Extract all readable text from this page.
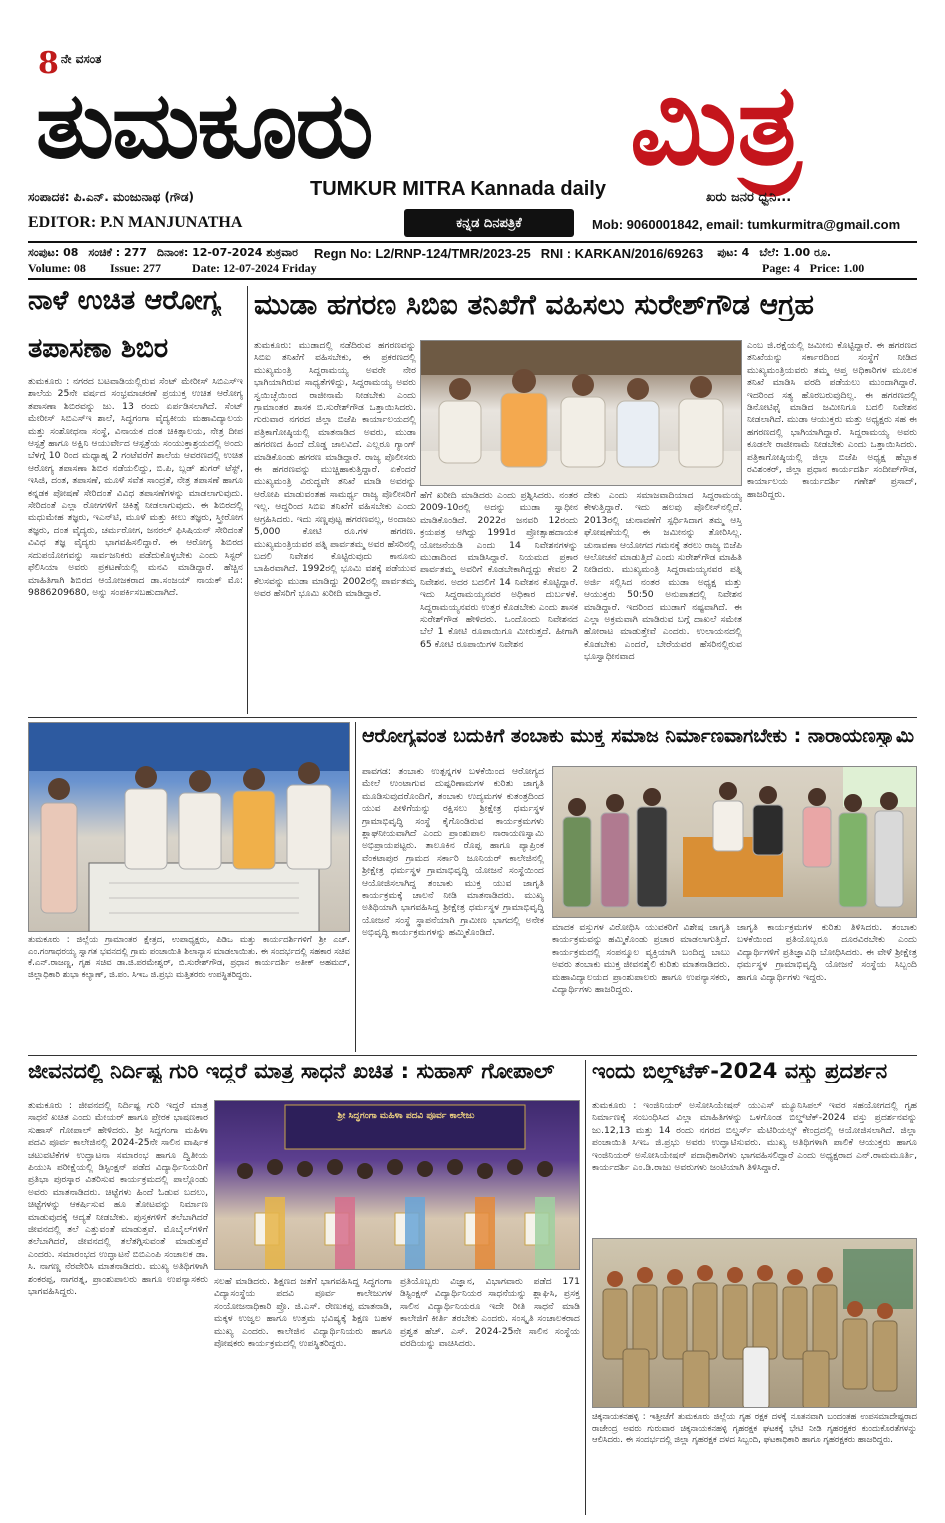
8 $^{ನೇ ವಸಂತ}$
ತುಮಕೂರು ಮಿತ್ರ
ಸಂಪಾದಕ: ಪಿ.ಎನ್. ಮಂಜುನಾಥ (ಗೌಡ)	TUMKUR MITRA Kannada daily	ಖರು ಜನರ ಧ್ವನಿ...
EDITOR: P.N MANJUNATHA	ಕನ್ನಡ ದಿನಪತ್ರಿಕೆ	Mob: 9060001842, email: tumkurmitra@gmail.com
ಸಂಪುಟ: 08 ಸಂಚಿಕೆ : 277 ದಿನಾಂಕ: 12-07-2024 ಶುಕ್ರವಾರ Regn No: L2/RNP-124/TMR/2023-25 RNI : KARKAN/2016/69263 ಪುಟ: 4 ಬೆಲೆ: 1.00 ರೂ.
Volume: 08	Issue: 277	Date: 12-07-2024 Friday	Page: 4 Price: 1.00
ನಾಳೆ ಉಚಿತ ಆರೋಗ್ಯ
ತಪಾಸಣಾ ಶಿಬಿರ
ತುಮಕೂರು : ನಗರದ ಬಟವಾಡಿಯಲ್ಲಿರುವ ಸೆಂಟ್ ಮೇರೀಸ್ ಸಿಬಿಎಸ್‌ಇ ಶಾಲೆಯ 25ನೇ ವರ್ಷದ ಸಂಭ್ರಮಾಚರಣೆ ಪ್ರಯುಕ್ತ ಉಚಿತ ಆರೋಗ್ಯ ತಪಾಸಣಾ ಶಿಬಿರವನ್ನು ಜು. 13 ರಂದು ಏರ್ಪಡಿಸಲಾಗಿದೆ. ಸೆಂಟ್ ಮೇರೀಸ್ ಸಿಬಿಎಸ್‌ಇ ಶಾಲೆ, ಸಿದ್ಧಗಂಗಾ ವೈದ್ಯಕೀಯ ಮಹಾವಿದ್ಯಾಲಯ ಮತ್ತು ಸಂಶೋಧನಾ ಸಂಸ್ಥೆ, ವಿನಾಯಕ ದಂತ ಚಿಕಿತ್ಸಾಲಯ, ನೇತ್ರ ದೀಪ ಆಸ್ಪತ್ರೆ ಹಾಗೂ ಅಕ್ಷಿನಿ ಆಯುರ್ವೇದ ಆಸ್ಪತ್ರೆಯ ಸಂಯುಕ್ತಾಶ್ರಯದಲ್ಲಿ ಅಂದು ಬೆಳಗ್ಗೆ 10 ರಿಂದ ಮಧ್ಯಾಹ್ನ 2 ಗಂಟೆವರೆಗೆ ಶಾಲೆಯ ಆವರಣದಲ್ಲಿ ಉಚಿತ ಆರೋಗ್ಯ ತಪಾಸಣಾ ಶಿಬಿರ ನಡೆಯಲಿದ್ದು, ಬಿ.ಪಿ, ಬ್ಲಡ್ ಶುಗರ್ ಟೆಸ್ಟ್, ಇಸಿಜಿ, ದಂತ, ತಪಾಸಣೆ, ಮೂಳೆ ಸವೆತ ಸಾಂದ್ರತೆ, ನೇತ್ರ ತಪಾಸಣೆ ಹಾಗೂ ಕನ್ನಡಕ ಪೋಷಣೆ ಸೇರಿದಂತೆ ವಿವಿಧ ತಪಾಸಣೆಗಳನ್ನು ಮಾಡಲಾಗುವುದು. ಸೇರಿದಂತೆ ಎಲ್ಲಾ ರೋಗಗಳಿಗೆ ಚಿಕಿತ್ಸೆ ನೀಡಲಾಗುವುದು. ಈ ಶಿಬಿರದಲ್ಲಿ ಮಧುಮೇಹ ತಜ್ಞರು, ಇಎನ್‌ಟಿ, ಮೂಳೆ ಮತ್ತು ಕೀಲು ತಜ್ಞರು, ಸ್ತ್ರೀರೋಗ ತಜ್ಞರು, ದಂತ ವೈದ್ಯರು, ಚರ್ಮರೋಗ, ಜನರಲ್ ಫಿಸಿಷಿಯನ್ ಸೇರಿದಂತೆ ವಿವಿಧ ತಜ್ಞ ವೈದ್ಯರು ಭಾಗವಹಿಸಲಿದ್ದಾರೆ. ಈ ಆರೋಗ್ಯ ಶಿಬಿರದ ಸದುಪಯೋಗವನ್ನು ಸಾರ್ವಜನಿಕರು ಪಡೆದುಕೊಳ್ಳಬೇಕು ಎಂದು ಸಿಸ್ಟರ್ ಫೆಲಿಸಿಯಾ ಅವರು ಪ್ರಕಟಣೆಯಲ್ಲಿ ಮನವಿ ಮಾಡಿದ್ದಾರೆ. ಹೆಚ್ಚಿನ ಮಾಹಿತಿಗಾಗಿ ಶಿಬಿರದ ಆಯೋಜಕರಾದ ಡಾ.ಸಂಜಯ್ ನಾಯಕ್ ಮೊ: 9886209680, ಅನ್ನು ಸಂಪರ್ಕಿಸಬಹುದಾಗಿದೆ.
ಮುಡಾ ಹಗರಣ ಸಿಬಿಐ ತನಿಖೆಗೆ ವಹಿಸಲು ಸುರೇಶ್‌ಗೌಡ ಆಗ್ರಹ
ತುಮಕೂರು: ಮುಡಾದಲ್ಲಿ ನಡೆದಿರುವ ಹಗರಣವನ್ನು ಸಿಬಿಐ ತನಿಖೆಗೆ ವಹಿಸಬೇಕು, ಈ ಪ್ರಕರಣದಲ್ಲಿ ಮುಖ್ಯಮಂತ್ರಿ ಸಿದ್ದರಾಮಯ್ಯ ಅವರೇ ನೇರ ಭಾಗಿಯಾಗಿರುವ ಸಾಧ್ಯತೆಗಳಿದ್ದು, ಸಿದ್ದರಾಮಯ್ಯ ಅವರು ಸ್ವಯಿಚ್ಛೆಯಿಂದ ರಾಜೀನಾಮೆ ನೀಡಬೇಕು ಎಂದು ಗ್ರಾಮಾಂತರ ಶಾಸಕ ಬಿ.ಸುರೇಶ್‌ಗೌಡ ಒತ್ತಾಯಿಸಿದರು. ಗುರುವಾರ ನಗರದ ಜಿಲ್ಲಾ ಬಿಜೆಪಿ ಕಾರ್ಯಾಲಯದಲ್ಲಿ ಪತ್ರಿಕಾಗೋಷ್ಠಿಯಲ್ಲಿ ಮಾತನಾಡಿದ ಅವರು, ಮುಡಾ ಹಗರಣದ ಹಿಂದೆ ದೊಡ್ಡ ಜಾಲವಿದೆ. ಎಲ್ಲರೂ ಗ್ಯಾಂಗ್ ಮಾಡಿಕೊಂಡು ಹಗರಣ ಮಾಡಿದ್ದಾರೆ. ರಾಜ್ಯ ಪೊಲೀಸರು ಈ ಹಗರಣವನ್ನು ಮುಚ್ಚಿಹಾಕುತ್ತಿದ್ದಾರೆ. ಏಕೆಂದರೆ ಮುಖ್ಯಮಂತ್ರಿ ವಿರುದ್ಧವೇ ತನಿಖೆ ಮಾಡಿ ಅವರನ್ನು ಆರೋಪಿ ಮಾಡುವಂತಹ ಸಾಮರ್ಥ್ಯ ರಾಜ್ಯ ಪೊಲೀಸರಿಗೆ ಇಲ್ಲ. ಆದ್ದರಿಂದ ಸಿಬಿಐ ತನಿಖೆಗೆ ವಹಿಸಬೇಕು ಎಂದು ಆಗ್ರಹಿಸಿದರು. ಇದು ಸಣ್ಣಪುಟ್ಟ ಹಗರಣವಲ್ಲ, ಅಂದಾಜು 5,000 ಕೋಟಿ ರೂ.ಗಳ ಹಗರಣ. ಮುಖ್ಯಮಂತ್ರಿಯವರ ಪತ್ನಿ ಪಾರ್ವತಮ್ಮ ಅವರ ಹೆಸರಿನಲ್ಲಿ ಬದಲಿ ನಿವೇಶನ ಕೊಟ್ಟಿರುವುದು ಕಾನೂನು ಬಾಹಿರವಾಗಿದೆ. 1992ರಲ್ಲಿ ಭೂಮಿ ವಶಕ್ಕೆ ಪಡೆಯುವ ಕೆಲಸವನ್ನು ಮುಡಾ ಮಾಡಿದ್ದು 2002ರಲ್ಲಿ ಪಾರ್ವತಮ್ಮ ಅವರ ಹೆಸರಿಗೆ ಭೂಮಿ ಖರೀದಿ ಮಾಡಿದ್ದಾರೆ.
ಹೆಗೆ ಖರೀದಿ ಮಾಡಿದರು ಎಂದು ಪ್ರಶ್ನಿಸಿದರು. ನಂತರ 2009-10ರಲ್ಲಿ ಅದನ್ನು ಮುಡಾ ಸ್ವಾಧೀನ ಮಾಡಿಕೊಂಡಿದೆ. 2022ರ ಜನವರಿ 12ರಂದು ಕ್ರಯಪತ್ರ ಆಗಿದ್ದು 1991ರ ಪ್ರೋತ್ಸಾಹದಾಯಕ ಯೋಜನೆಯಡಿ ಎಂದು 14 ನಿವೇಶನಗಳನ್ನು ಮುಡಾದಿಂದ ಮಾಡಿಸಿದ್ದಾರೆ. ನಿಯಮದ ಪ್ರಕಾರ ಪಾರ್ವತಮ್ಮ ಅವರಿಗೆ ಕೊಡಬೇಕಾಗಿದ್ದದ್ದು ಕೇವಲ 2 ನಿವೇಶನ. ಅದರ ಬದಲಿಗೆ 14 ನಿವೇಶನ ಕೊಟ್ಟಿದ್ದಾರೆ. ಇದು ಸಿದ್ದರಾಮಯ್ಯನವರ ಅಧಿಕಾರ ದುರ್ಬಳಕೆ. ಸಿದ್ದರಾಮಯ್ಯನವರು ಉತ್ತರ ಕೊಡಬೇಕು ಎಂದು ಶಾಸಕ ಸುರೇಶ್‌ಗೌಡ ಹೇಳಿದರು. ಒಂದೊಂದು ನಿವೇಶನದ ಬೆಲೆ 1 ಕೋಟಿ ರೂಪಾಯಿಗೂ ಮೀರುತ್ತದೆ. ಹೀಗಾಗಿ 65 ಕೋಟಿ ರೂಪಾಯಿಗಳ ನಿವೇಶನ
ದೇಕು ಎಂದು ಸಮಾಜವಾದಿಯಾದ ಸಿದ್ದರಾಮಯ್ಯ ಕೇಳುತ್ತಿದ್ದಾರೆ. ಇದು ಹಲವು ಪೊಲೀಸ್‌ನಲ್ಲಿದೆ. 2013ರಲ್ಲಿ ಚುನಾವಣೆಗೆ ಸ್ಪರ್ಧಿಸಿದಾಗ ತಮ್ಮ ಆಸ್ತಿ ಘೋಷಣೆಯಲ್ಲಿ ಈ ಜಮೀನನ್ನು ತೋರಿಸಿಲ್ಲ. ಚುನಾವಣಾ ಆಯೋಗದ ಗಮನಕ್ಕೆ ತರಲು ರಾಜ್ಯ ಬಿಜೆಪಿ ಆಲೋಚನೆ ಮಾಡುತ್ತಿದೆ ಎಂದು ಸುರೇಶ್‌ಗೌಡ ಮಾಹಿತಿ ನೀಡಿದರು. ಮುಖ್ಯಮಂತ್ರಿ ಸಿದ್ದರಾಮಯ್ಯನವರ ಪತ್ನಿ ಅರ್ಜಿ ಸಲ್ಲಿಸಿದ ನಂತರ ಮುಡಾ ಅಧ್ಯಕ್ಷ ಮತ್ತು ಆಯುಕ್ತರು 50:50 ಅನುಪಾತದಲ್ಲಿ ನಿವೇಶನ ಮಾಡಿದ್ದಾರೆ. ಇದರಿಂದ ಮುಡಾಗೆ ನಷ್ಟವಾಗಿದೆ. ಈ ಎಲ್ಲಾ ಅಕ್ರಮವಾಗಿ ಮಾಡಿರುವ ಬಗ್ಗೆ ದಾಖಲೆ ಸಮೇತ ಹೋರಾಟ ಮಾಡುತ್ತೇವೆ ಎಂದರು. ಉಲಾಯನದಲ್ಲಿ ಕೊಡಬೇಕು ಎಂದರೆ, ಬೇರೆಯವರ ಹೆಸರಿನಲ್ಲಿರುವ ಭೂಸ್ವಾಧೀನವಾದ
ಎಂಬ ಜಿ.ರಕ್ಷೆಯಲ್ಲಿ ಜಮೀನು ಕೊಟ್ಟಿದ್ದಾರೆ. ಈ ಹಗರಣದ ತನಿಖೆಯನ್ನು ಸರ್ಕಾರದಿಂದ ಸಂಸ್ಥೆಗೆ ನೀಡಿದ ಮುಖ್ಯಮಂತ್ರಿಯವರು ತಮ್ಮ ಆಪ್ತ ಅಧಿಕಾರಿಗಳ ಮೂಲಕ ತನಿಖೆ ಮಾಡಿಸಿ ವರದಿ ಪಡೆಯಲು ಮುಂದಾಗಿದ್ದಾರೆ. ಇದರಿಂದ ಸತ್ಯ ಹೊರಬರುವುದಿಲ್ಲ. ಈ ಹಗರಣದಲ್ಲಿ ಡಿನೋಟಿಫೈ ಮಾಡಿದ ಜಮೀನಿಗೂ ಬದಲಿ ನಿವೇಶನ ನೀಡಲಾಗಿದೆ. ಮುಡಾ ಆಯುಕ್ತರು ಮತ್ತು ಅಧ್ಯಕ್ಷರು ಸಹ ಈ ಹಗರಣದಲ್ಲಿ ಭಾಗಿಯಾಗಿದ್ದಾರೆ. ಸಿದ್ದರಾಮಯ್ಯ ಅವರು ಕೂಡಲೇ ರಾಜೀನಾಮೆ ನೀಡಬೇಕು ಎಂದು ಒತ್ತಾಯಿಸಿದರು. ಪತ್ರಿಕಾಗೋಷ್ಠಿಯಲ್ಲಿ ಜಿಲ್ಲಾ ಬಿಜೆಪಿ ಅಧ್ಯಕ್ಷ ಹೆಬ್ಬಾಕ ರವಿಶಂಕರ್, ಜಿಲ್ಲಾ ಪ್ರಧಾನ ಕಾರ್ಯದರ್ಶಿ ಸಂದೀಪ್‌ಗೌಡ, ಕಾರ್ಯಾಲಯ ಕಾರ್ಯದರ್ಶಿ ಗಣೇಶ್ ಪ್ರಸಾದ್, ಹಾಜರಿದ್ದರು.
ತುಮಕೂರು : ಜಿಲ್ಲೆಯ ಗ್ರಾಮಾಂತರ ಕ್ಷೇತ್ರದ, ಉಪಾಧ್ಯಕ್ಷರು, ಪಿಡಿಒ ಮತ್ತು ಕಾರ್ಯದರ್ಶಿಗಳಿಗೆ ಶ್ರೀ ಎಚ್. ಎಂ.ಗಂಗಾಧರಯ್ಯ ಸ್ವಾಗತ ಭವನದಲ್ಲಿ ಗ್ರಾಮ ಪಂಚಾಯಿತಿ ಶಿಲಾನ್ಯಾಸ ಮಾಡಲಾಯಿತು. ಈ ಸಂದರ್ಭದಲ್ಲಿ ಸಹಕಾರ ಸಚಿವ ಕೆ.ಎನ್.ರಾಜಣ್ಣ, ಗೃಹ ಸಚಿವ ಡಾ.ಜಿ.ಪರಮೇಶ್ವರ್, ಬಿ.ಸುರೇಶ್‌ಗೌಡ, ಪ್ರಧಾನ ಕಾರ್ಯದರ್ಶಿ ಅತೀಕ್ ಅಹಮದ್, ಜಿಲ್ಲಾಧಿಕಾರಿ ಶುಭಾ ಕಲ್ಯಾಣ್, ಜಿ.ಪಂ. ಸಿಇಒ ಜಿ.ಪ್ರಭು ಮತ್ತಿತರರು ಉಪಸ್ಥಿತರಿದ್ದರು.
ಆರೋಗ್ಯವಂತ ಬದುಕಿಗೆ ತಂಬಾಕು ಮುಕ್ತ ಸಮಾಜ ನಿರ್ಮಾಣವಾಗಬೇಕು : ನಾರಾಯಣಸ್ವಾಮಿ
ಪಾವಗಡ: ತಂಬಾಕು ಉತ್ಪನ್ನಗಳ ಬಳಕೆಯಿಂದ ಆರೋಗ್ಯದ ಮೇಲೆ ಉಂಟಾಗುವ ದುಷ್ಪರಿಣಾಮಗಳ ಕುರಿತು ಜಾಗೃತಿ ಮೂಡಿಸುವುದರೊಂದಿಗೆ, ತಂಬಾಕು ಉದ್ಯಮಗಳ ಕುತಂತ್ರದಿಂದ ಯುವ ಪೀಳಿಗೆಯನ್ನು ರಕ್ಷಿಸಲು ಶ್ರೀಕ್ಷೇತ್ರ ಧರ್ಮಸ್ಥಳ ಗ್ರಾಮಾಭಿವೃದ್ಧಿ ಸಂಸ್ಥೆ ಕೈಗೊಂಡಿರುವ ಕಾರ್ಯಕ್ರಮಗಳು ಶ್ಲಾಘನೀಯವಾಗಿದೆ ಎಂದು ಪ್ರಾಂಶುಪಾಲ ನಾರಾಯಣಸ್ವಾಮಿ ಅಭಿಪ್ರಾಯಪಟ್ಟರು. ತಾಲೂಕಿನ ರೊಪ್ಪ ಹಾಗೂ ಪ್ಯಾಪ್ರಿಂಕ ವೆಂಕಟಾಪುರ ಗ್ರಾಮದ ಸರ್ಕಾರಿ ಜೂನಿಯರ್ ಕಾಲೇಜಿನಲ್ಲಿ ಶ್ರೀಕ್ಷೇತ್ರ ಧರ್ಮಸ್ಥಳ ಗ್ರಾಮಾಭಿವೃದ್ಧಿ ಯೋಜನೆ ಸಂಸ್ಥೆಯಿಂದ ಆಯೋಜಿಸಲಾಗಿದ್ದ ತಂಬಾಕು ಮುಕ್ತ ಯುವ ಜಾಗೃತಿ ಕಾರ್ಯಕ್ರಮಕ್ಕೆ ಚಾಲನೆ ನೀಡಿ ಮಾತನಾಡಿದರು. ಮುಖ್ಯ ಅತಿಥಿಯಾಗಿ ಭಾಗವಹಿಸಿದ್ದ ಶ್ರೀಕ್ಷೇತ್ರ ಧರ್ಮಸ್ಥಳ ಗ್ರಾಮಾಭಿವೃದ್ಧಿ ಯೋಜನೆ ಸಂಸ್ಥೆ ಸ್ಥಾಪನೆಯಾಗಿ ಗ್ರಾಮೀಣ ಭಾಗದಲ್ಲಿ ಅನೇಕ ಅಭಿವೃದ್ಧಿ ಕಾರ್ಯಕ್ರಮಗಳನ್ನು ಹಮ್ಮಿಕೊಂಡಿದೆ.	ಮಾದಕ ವಸ್ತುಗಳ ವಿರೋಧಿಸಿ ಯುವಕರಿಗೆ ವಿಶೇಷ ಜಾಗೃತಿ ಕಾರ್ಯಕ್ರಮವನ್ನು ಹಮ್ಮಿಕೊಂಡು ಪ್ರಚಾರ ಮಾಡಲಾಗುತ್ತಿದೆ. ಕಾರ್ಯಕ್ರಮದಲ್ಲಿ ಸಂಪನ್ಮೂಲ ವ್ಯಕ್ತಿಯಾಗಿ ಬಂದಿದ್ದ ಬಾಬು ಅವರು ತಂಬಾಕು ಮುಕ್ತ ಜೀವನಶೈಲಿ ಕುರಿತು ಮಾತನಾಡಿದರು. ಮಹಾವಿದ್ಯಾಲಯದ ಪ್ರಾಂಶುಪಾಲರು ಹಾಗೂ ಉಪನ್ಯಾಸಕರು, ವಿದ್ಯಾರ್ಥಿಗಳು ಹಾಜರಿದ್ದರು.
ಜಾಗೃತಿ ಕಾರ್ಯಕ್ರಮಗಳ ಕುರಿತು ತಿಳಿಸಿದರು. ತಂಬಾಕು ಬಳಕೆಯಿಂದ ಪ್ರತಿಯೊಬ್ಬರೂ ದೂರವಿರಬೇಕು ಎಂದು ವಿದ್ಯಾರ್ಥಿಗಳಿಗೆ ಪ್ರತಿಜ್ಞಾವಿಧಿ ಬೋಧಿಸಿದರು. ಈ ವೇಳೆ ಶ್ರೀಕ್ಷೇತ್ರ ಧರ್ಮಸ್ಥಳ ಗ್ರಾಮಾಭಿವೃದ್ಧಿ ಯೋಜನೆ ಸಂಸ್ಥೆಯ ಸಿಬ್ಬಂದಿ ಹಾಗೂ ವಿದ್ಯಾರ್ಥಿಗಳು ಇದ್ದರು.
ಜೀವನದಲ್ಲಿ ನಿರ್ದಿಷ್ಟ ಗುರಿ ಇದ್ದರೆ ಮಾತ್ರ ಸಾಧನೆ ಖಚಿತ : ಸುಹಾಸ್ ಗೋಪಾಲ್
ತುಮಕೂರು : ಜೀವನದಲ್ಲಿ ನಿರ್ದಿಷ್ಟ ಗುರಿ ಇದ್ದರೆ ಮಾತ್ರ ಸಾಧನೆ ಖಚಿತ ಎಂದು ಮೇಯರ್ ಹಾಗೂ ಪ್ರೇರಕ ಭಾಷಣಕಾರ ಸುಹಾಸ್ ಗೋಪಾಲ್ ಹೇಳಿದರು. ಶ್ರೀ ಸಿದ್ದಗಂಗಾ ಮಹಿಳಾ ಪದವಿ ಪೂರ್ವ ಕಾಲೇಜಿನಲ್ಲಿ 2024-25ನೇ ಸಾಲಿನ ವಾರ್ಷಿಕ ಚಟುವಟಿಕೆಗಳ ಉದ್ಘಾಟನಾ ಸಮಾರಂಭ ಹಾಗೂ ದ್ವಿತೀಯ ಪಿಯುಸಿ ಪರೀಕ್ಷೆಯಲ್ಲಿ ಡಿಸ್ಟಿಂಕ್ಷನ್ ಪಡೆದ ವಿದ್ಯಾರ್ಥಿನಿಯರಿಗೆ ಪ್ರತಿಭಾ ಪುರಸ್ಕಾರ ವಿತರಿಸುವ ಕಾರ್ಯಕ್ರಮದಲ್ಲಿ ಪಾಲ್ಗೊಂಡು ಅವರು ಮಾತನಾಡಿದರು. ಚಿಟ್ಟೆಗಳು ಹಿಂದೆ ಓಡುವ ಬದಲು, ಚಿಟ್ಟೆಗಳನ್ನು ಆಕರ್ಷಿಸುವ ಹೂ ತೋಟವನ್ನು ನಿರ್ಮಾಣ ಮಾಡುವುದಕ್ಕೆ ಆದ್ಯತೆ ನೀಡಬೇಕು. ಪುಸ್ತಕಗಳಿಗೆ ತಲೆಬಾಗಿದರೆ ಜೀವನದಲ್ಲಿ ತಲೆ ಎತ್ತುವಂತೆ ಮಾಡುತ್ತವೆ. ಮೊಬೈಲ್‌ಗಳಿಗೆ ತಲೆಬಾಗಿದರೆ, ಜೀವನದಲ್ಲಿ ತಲೆತಗ್ಗಿಸುವಂತೆ ಮಾಡುತ್ತವೆ ಎಂದರು. ಸಮಾರಂಭದ ಉದ್ಘಾಟನೆ ಬಿಬಿಎಂಪಿ ಸಂಚಾಲಕ ಡಾ. ಸಿ. ನಾಗಣ್ಣ ನೆರವೇರಿಸಿ ಮಾತನಾಡಿದರು. ಮುಖ್ಯ ಅತಿಥಿಗಳಾಗಿ ಶಂಕರಪ್ಪ, ನಾಗರತ್ನ, ಪ್ರಾಂಶುಪಾಲರು ಹಾಗೂ ಉಪನ್ಯಾಸಕರು ಭಾಗವಹಿಸಿದ್ದರು.
ಶ್ರೀ ಸಿದ್ಧಗಂಗಾ ಮಹಿಳಾ ಪದವಿ ಪೂರ್ವ ಕಾಲೇಜು
ಸಲಹೆ ಮಾಡಿದರು. ಶಿಕ್ಷಣದ ಜತೆಗೆ ಭಾಗವಹಿಸಿದ್ದ ಸಿದ್ಧಗಂಗಾ ವಿದ್ಯಾಸಂಸ್ಥೆಯ ಪದವಿ ಪೂರ್ವ ಕಾಲೇಜುಗಳ ಸಂಯೋಜನಾಧಿಕಾರಿ ಪ್ರೊ. ಜಿ.ಎಸ್. ರೇಣುಕಪ್ಪ ಮಾತನಾಡಿ, ಮಕ್ಕಳ ಉಜ್ವಲ ಹಾಗೂ ಉತ್ತಮ ಭವಿಷ್ಯಕ್ಕೆ ಶಿಕ್ಷಣ ಬಹಳ ಮುಖ್ಯ ಎಂದರು. ಕಾಲೇಜಿನ ವಿದ್ಯಾರ್ಥಿನಿಯರು ಹಾಗೂ ಪೋಷಕರು ಕಾರ್ಯಕ್ರಮದಲ್ಲಿ ಉಪಸ್ಥಿತರಿದ್ದರು.
ಪ್ರತಿಯೊಬ್ಬರು ವಿಜ್ಞಾನ, ವಿಭಾಗವಾರು ಪಡೆದ 171 ಡಿಸ್ಟಿಂಕ್ಷನ್ ವಿದ್ಯಾರ್ಥಿನಿಯರ ಸಾಧನೆಯನ್ನು ಶ್ಲಾಘಿಸಿ, ಪ್ರಸಕ್ತ ಸಾಲಿನ ವಿದ್ಯಾರ್ಥಿನಿಯರೂ ಇದೇ ರೀತಿ ಸಾಧನೆ ಮಾಡಿ ಕಾಲೇಜಿಗೆ ಕೀರ್ತಿ ತರಬೇಕು ಎಂದರು. ಸಂಸ್ಕೃತಿ ಸಂಚಾಲಕರಾದ ಪ್ರಶ್ವತ ಹೆಚ್. ಎಸ್. 2024-25ನೇ ಸಾಲಿನ ಸಂಸ್ಥೆಯ ವರದಿಯನ್ನು ವಾಚಿಸಿದರು.
ಇಂದು ಬಿಲ್ಡ್‌ಟೆಕ್-2024 ವಸ್ತು ಪ್ರದರ್ಶನ
ತುಮಕೂರು : ಇಂಜಿನಿಯರ್ ಅಸೋಸಿಯೇಷನ್ ಯುಎಸ್ ಮ್ಯೂನಿಸಿಪಲ್ ಇವರ ಸಹಯೋಗದಲ್ಲಿ ಗೃಹ ನಿರ್ಮಾಣಕ್ಕೆ ಸಂಬಂಧಿಸಿದ ವಿಲ್ಲಾ ಮಾಹಿತಿಗಳನ್ನು ಒಳಗೊಂಡ ಬಿಲ್ಡ್‌ಟೆಕ್-2024 ವಸ್ತು ಪ್ರದರ್ಶನವನ್ನು ಜು.12,13 ಮತ್ತು 14 ರಂದು ನಗರದ ಬಿಲ್ಡರ್ಸ್ ಮೆಟಿರಿಯಲ್ಸ್ ಕೇಂದ್ರದಲ್ಲಿ ಆಯೋಜಿಸಲಾಗಿದೆ. ಜಿಲ್ಲಾ ಪಂಚಾಯಿತಿ ಸಿಇಒ ಜಿ.ಪ್ರಭು ಅವರು ಉದ್ಘಾಟಿಸುವರು. ಮುಖ್ಯ ಅತಿಥಿಗಳಾಗಿ ಪಾಲಿಕೆ ಆಯುಕ್ತರು ಹಾಗೂ ಇಂಜಿನಿಯರ್ ಅಸೋಸಿಯೇಷನ್ ಪದಾಧಿಕಾರಿಗಳು ಭಾಗವಹಿಸಲಿದ್ದಾರೆ ಎಂದು ಅಧ್ಯಕ್ಷರಾದ ಎನ್.ರಾಮಮೂರ್ತಿ, ಕಾರ್ಯದರ್ಶಿ ಎಂ.ಡಿ.ರಾಜು ಅವರುಗಳು ಜಂಟಿಯಾಗಿ ತಿಳಿಸಿದ್ದಾರೆ.
ಚಿಕ್ಕನಾಯಕನಹಳ್ಳಿ : ಇತ್ತೀಚೆಗೆ ತುಮಕೂರು ಜಿಲ್ಲೆಯ ಗೃಹ ರಕ್ಷಕ ದಳಕ್ಕೆ ನೂತನವಾಗಿ ಬಂದಂತಹ ಉಪಸಮಾದೇಷ್ಟರಾದ ರಾಜೇಂದ್ರ ಅವರು ಗುರುವಾರ ಚಿಕ್ಕನಾಯಕನಹಳ್ಳಿ ಗೃಹರಕ್ಷಕ ಘಟಕಕ್ಕೆ ಭೇಟಿ ನೀಡಿ ಗೃಹರಕ್ಷಕರ ಕುಂದುಕೊರತೆಗಳನ್ನು ಆಲಿಸಿದರು. ಈ ಸಂದರ್ಭದಲ್ಲಿ ಜಿಲ್ಲಾ ಗೃಹರಕ್ಷಕ ದಳದ ಸಿಬ್ಬಂದಿ, ಘಟಕಾಧಿಕಾರಿ ಹಾಗೂ ಗೃಹರಕ್ಷಕರು ಹಾಜರಿದ್ದರು.
